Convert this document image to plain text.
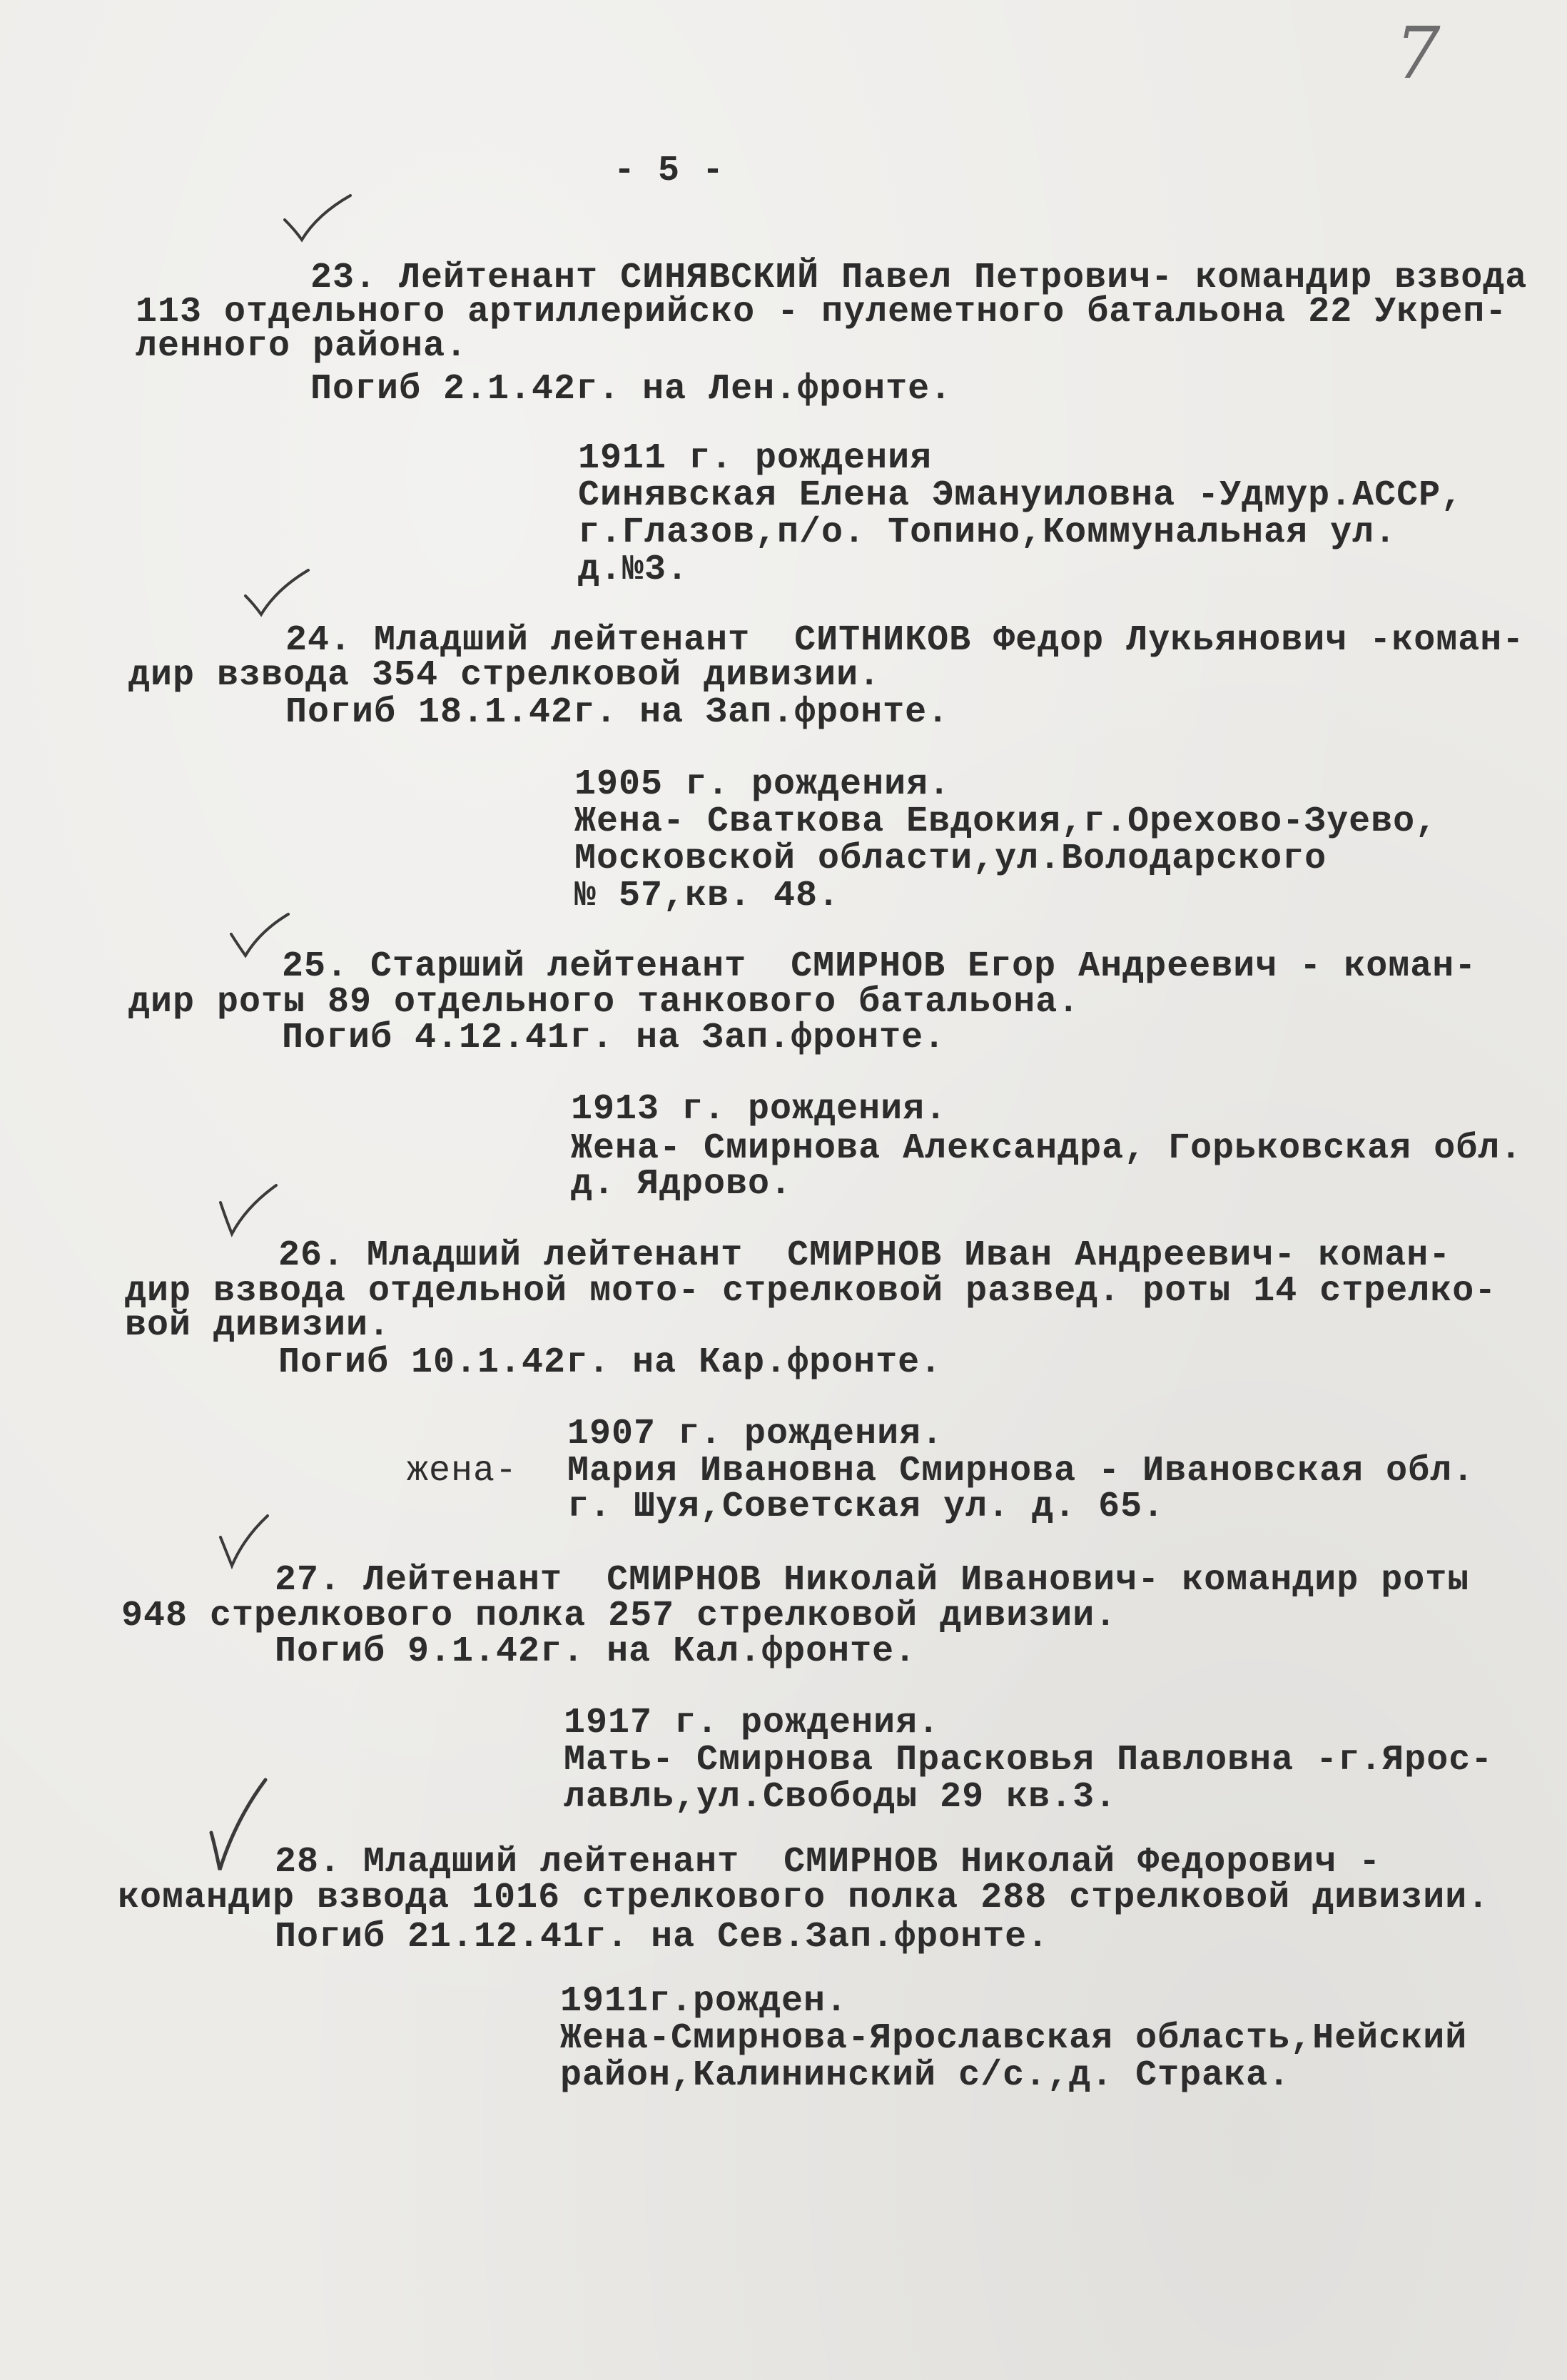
7
- 5 -
23. Лейтенант СИНЯВСКИЙ Павел Петрович- командир взвода
113 отдельного артиллерийско - пулеметного батальона 22 Укреп-
ленного района.
Погиб 2.1.42г. на Лен.фронте.
1911 г. рождения
Синявская Елена Эмануиловна -Удмур.АССР,
г.Глазов,п/о. Топино,Коммунальная ул.
д.№3.
24. Младший лейтенант  СИТНИКОВ Федор Лукьянович -коман-
дир взвода 354 стрелковой дивизии.
Погиб 18.1.42г. на Зап.фронте.
1905 г. рождения.
Жена- Сваткова Евдокия,г.Орехово-Зуево,
Московской области,ул.Володарского
№ 57,кв. 48.
25. Старший лейтенант  СМИРНОВ Егор Андреевич - коман-
дир роты 89 отдельного танкового батальона.
Погиб 4.12.41г. на Зап.фронте.
1913 г. рождения.
Жена- Смирнова Александра, Горьковская обл.
д. Ядрово.
26. Младший лейтенант  СМИРНОВ Иван Андреевич- коман-
дир взвода отдельной мото- стрелковой развед. роты 14 стрелко-
вой дивизии.
Погиб 10.1.42г. на Кар.фронте.
1907 г. рождения.
жена- Мария Ивановна Смирнова - Ивановская обл.
г. Шуя,Советская ул. д. 65.
27. Лейтенант  СМИРНОВ Николай Иванович- командир роты
948 стрелкового полка 257 стрелковой дивизии.
Погиб 9.1.42г. на Кал.фронте.
1917 г. рождения.
Мать- Смирнова Прасковья Павловна -г.Ярос-
лавль,ул.Свободы 29 кв.3.
28. Младший лейтенант  СМИРНОВ Николай Федорович -
командир взвода 1016 стрелкового полка 288 стрелковой дивизии.
Погиб 21.12.41г. на Сев.Зап.фронте.
1911г.рожден.
Жена-Смирнова-Ярославская область,Нейский
район,Калининский с/с.,д. Страка.
